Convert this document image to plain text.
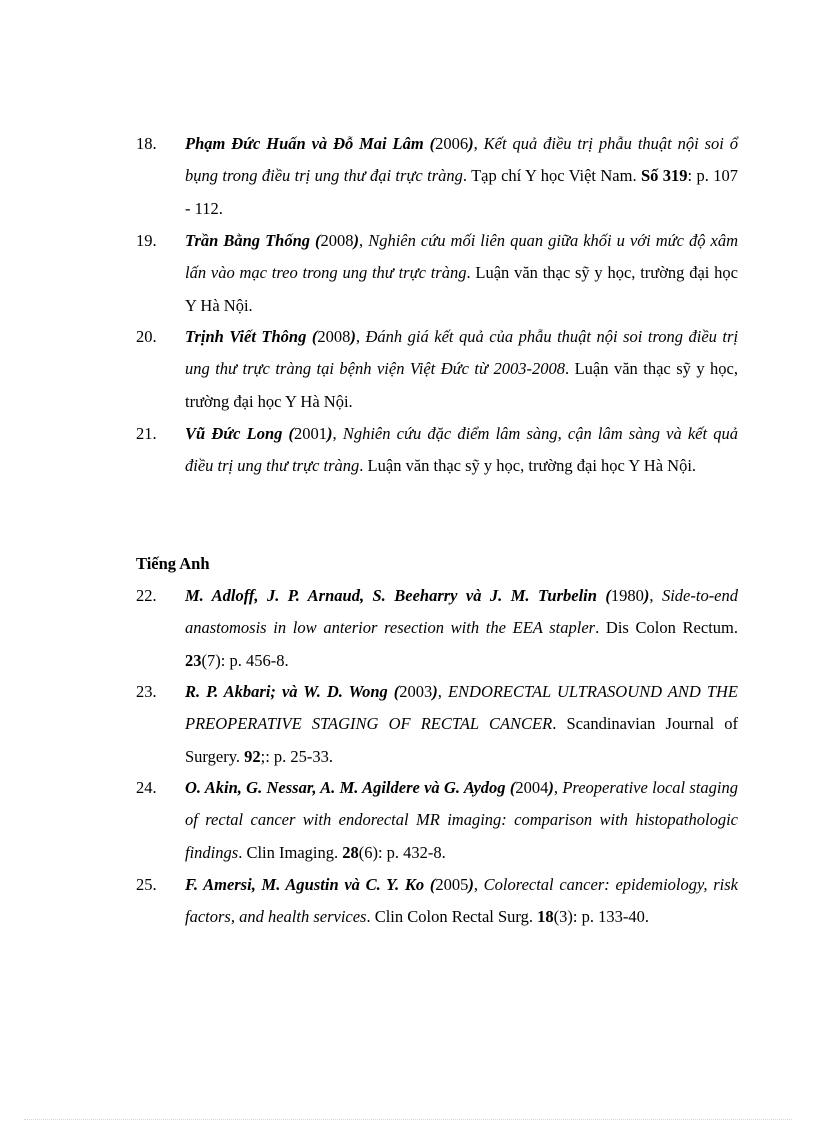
18.	Phạm Đức Huấn và Đỗ Mai Lâm (2006), Kết quả điều trị phẫu thuật nội soi ổ bụng trong điều trị ung thư đại trực tràng. Tạp chí Y học Việt Nam. Số 319: p. 107 - 112.
19.	Trần Bằng Thống (2008), Nghiên cứu mối liên quan giữa khối u với mức độ xâm lấn vào mạc treo trong ung thư trực tràng. Luận văn thạc sỹ y học, trường đại học Y Hà Nội.
20.	Trịnh Viết Thông (2008), Đánh giá kết quả của phẫu thuật nội soi trong điều trị ung thư trực tràng tại bệnh viện Việt Đức từ 2003-2008. Luận văn thạc sỹ y học, trường đại học Y Hà Nội.
21.	Vũ Đức Long (2001), Nghiên cứu đặc điểm lâm sàng, cận lâm sàng và kết quả điều trị ung thư trực tràng. Luận văn thạc sỹ y học, trường đại học Y Hà Nội.
Tiếng Anh
22.	M. Adloff, J. P. Arnaud, S. Beeharry và J. M. Turbelin (1980), Side-to-end anastomosis in low anterior resection with the EEA stapler. Dis Colon Rectum. 23(7): p. 456-8.
23.	R. P. Akbari; và W. D. Wong (2003), ENDORECTAL ULTRASOUND AND THE PREOPERATIVE STAGING OF RECTAL CANCER. Scandinavian Journal of Surgery. 92;: p. 25-33.
24.	O. Akin, G. Nessar, A. M. Agildere và G. Aydog (2004), Preoperative local staging of rectal cancer with endorectal MR imaging: comparison with histopathologic findings. Clin Imaging. 28(6): p. 432-8.
25.	F. Amersi, M. Agustin và C. Y. Ko (2005), Colorectal cancer: epidemiology, risk factors, and health services. Clin Colon Rectal Surg. 18(3): p. 133-40.
